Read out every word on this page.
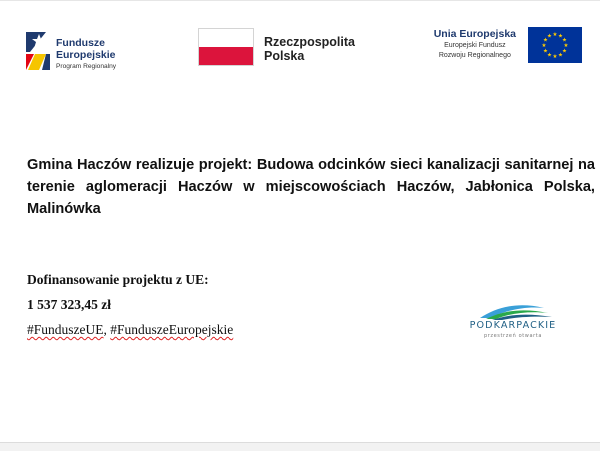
Fundusze
Europejskie
Program Regionalny
Rzeczpospolita
Polska
Unia Europejska
Europejski Fundusz
Rozwoju Regionalnego
★ ★
★
★
★
★
★
★
★
★
★
★

Gmina Haczów realizuje projekt: Budowa odcinków sieci kanalizacji sanitarnej na terenie aglomeracji Haczów w miejscowościach Haczów, Jabłonica Polska, Malinówka

Dofinansowanie projektu z UE:

1 537 323,45 zł

#FunduszeUE, #FunduszeEuropejskie	PODKARPACKIE
przestrzeń otwarta
